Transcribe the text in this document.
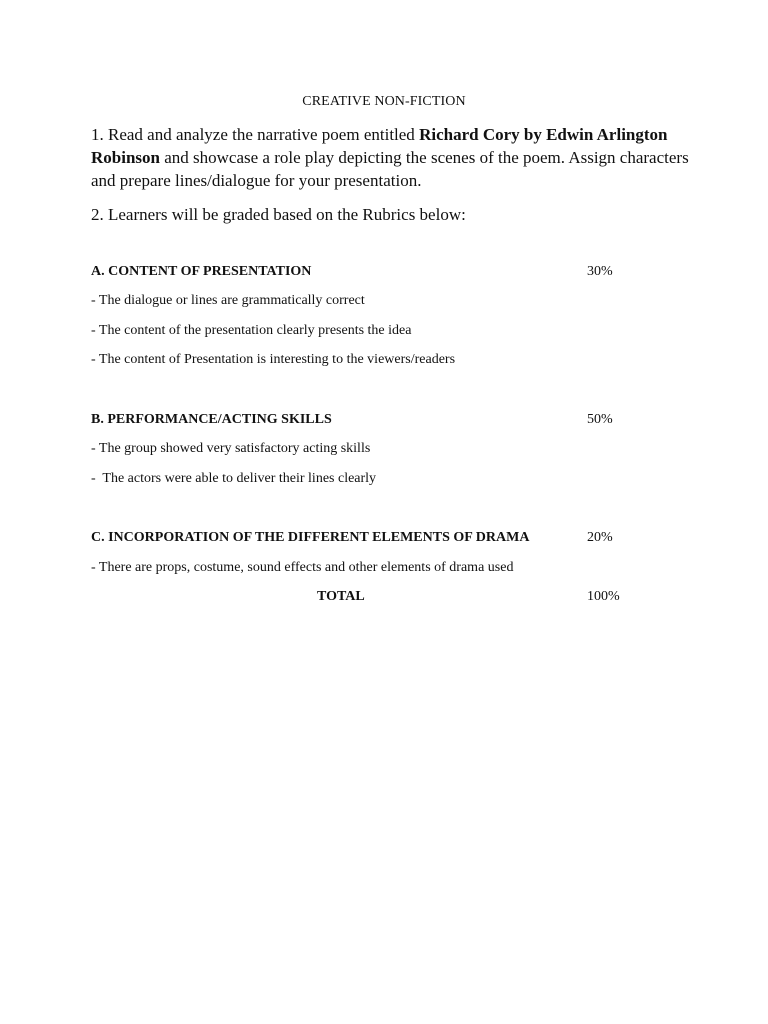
CREATIVE NON-FICTION
1. Read and analyze the narrative poem entitled Richard Cory by Edwin Arlington Robinson and showcase a role play depicting the scenes of the poem. Assign characters and prepare lines/dialogue for your presentation.
2. Learners will be graded based on the Rubrics below:
A. CONTENT OF PRESENTATION	30%
- The dialogue or lines are grammatically correct
- The content of the presentation clearly presents the idea
- The content of Presentation is interesting to the viewers/readers
B. PERFORMANCE/ACTING SKILLS	50%
- The group showed very satisfactory acting skills
-  The actors were able to deliver their lines clearly
C. INCORPORATION OF THE DIFFERENT ELEMENTS OF DRAMA	20%
- There are props, costume, sound effects and other elements of drama used
TOTAL	100%
